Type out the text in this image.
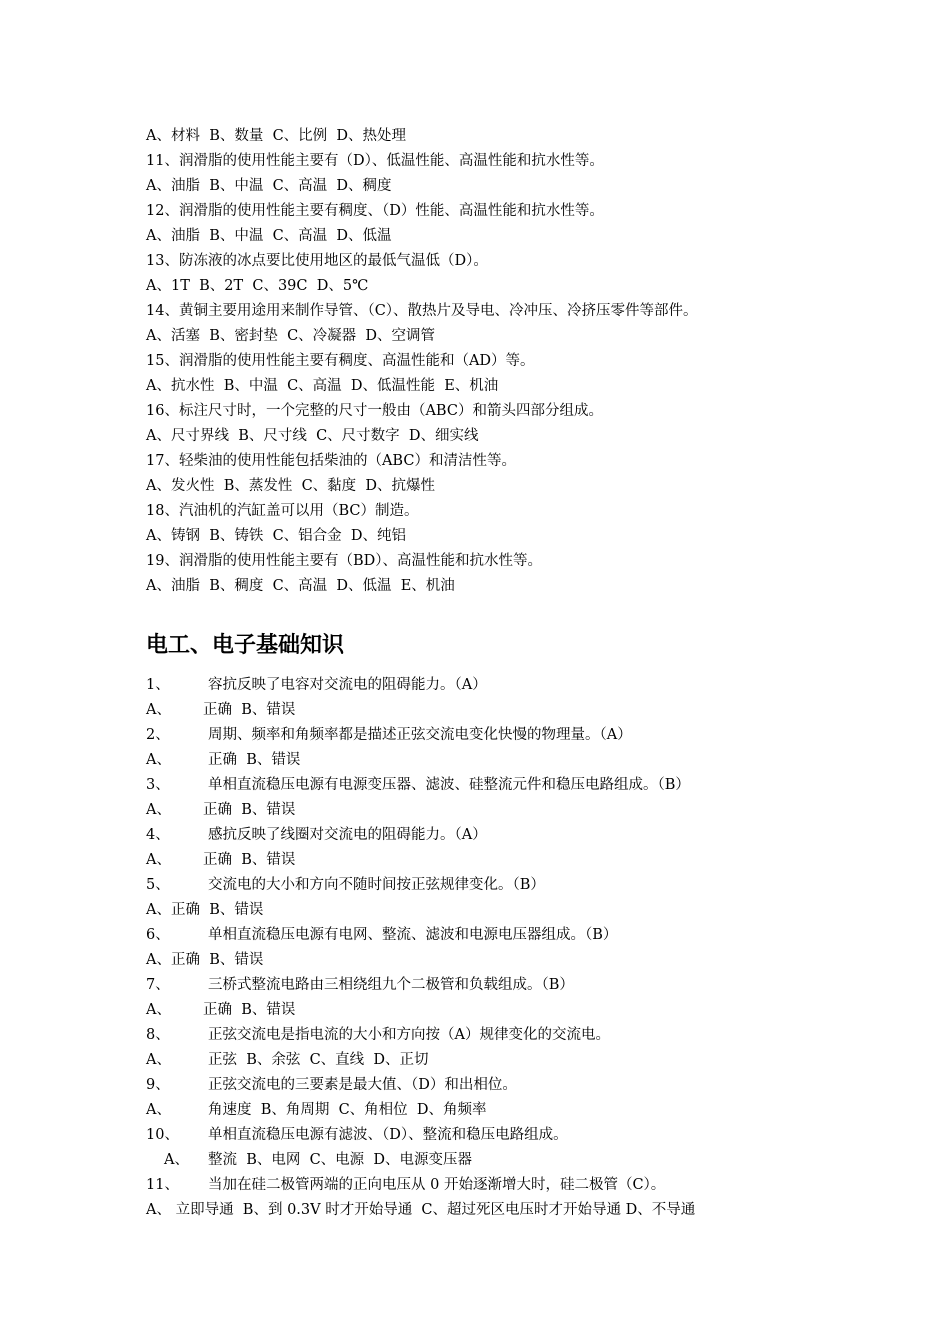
A、材料  B、数量  C、比例  D、热处理
11、润滑脂的使用性能主要有（D）、低温性能、高温性能和抗水性等。
A、油脂  B、中温  C、高温  D、稠度
12、润滑脂的使用性能主要有稠度、（D）性能、高温性能和抗水性等。
A、油脂  B、中温  C、高温  D、低温
13、防冻液的冰点要比使用地区的最低气温低（D）。
A、1T  B、2T  C、39C  D、5℃
14、黄铜主要用途用来制作导管、（C）、散热片及导电、冷冲压、冷挤压零件等部件。
A、活塞  B、密封垫  C、冷凝器  D、空调管
15、润滑脂的使用性能主要有稠度、高温性能和（AD）等。
A、抗水性  B、中温  C、高温  D、低温性能  E、机油
16、标注尺寸时，一个完整的尺寸一般由（ABC）和箭头四部分组成。
A、尺寸界线  B、尺寸线  C、尺寸数字  D、细实线
17、轻柴油的使用性能包括柴油的（ABC）和清洁性等。
A、发火性  B、蒸发性  C、黏度  D、抗爆性
18、汽油机的汽缸盖可以用（BC）制造。
A、铸钢  B、铸铁  C、铝合金  D、纯铝
19、润滑脂的使用性能主要有（BD）、高温性能和抗水性等。
A、油脂  B、稠度  C、高温  D、低温  E、机油
电工、电子基础知识
1、	容抗反映了电容对交流电的阻碍能力。（A）
A、 正确  B、错误
2、	周期、频率和角频率都是描述正弦交流电变化快慢的物理量。（A）
A、	正确  B、错误
3、	单相直流稳压电源有电源变压器、滤波、硅整流元件和稳压电路组成。（B）
A、 正确  B、错误
4、	感抗反映了线圈对交流电的阻碍能力。（A）
A、 正确  B、错误
5、	交流电的大小和方向不随时间按正弦规律变化。（B）
A、正确  B、错误
6、	单相直流稳压电源有电网、整流、滤波和电源电压器组成。（B）
A、正确  B、错误
7、	三桥式整流电路由三相绕组九个二极管和负载组成。（B）
A、 正确  B、错误
8、	正弦交流电是指电流的大小和方向按（A）规律变化的交流电。
A、	正弦  B、余弦  C、直线  D、正切
9、	正弦交流电的三要素是最大值、（D）和出相位。
A、	角速度  B、角周期  C、角相位  D、角频率
10、 单相直流稳压电源有滤波、（D）、整流和稳压电路组成。
A、 整流  B、电网  C、电源  D、电源变压器
11、 当加在硅二极管两端的正向电压从 0 开始逐渐增大时，硅二极管（C）。
A、 立即导通  B、到 0.3V 时才开始导通  C、超过死区电压时才开始导通 D、不导通
